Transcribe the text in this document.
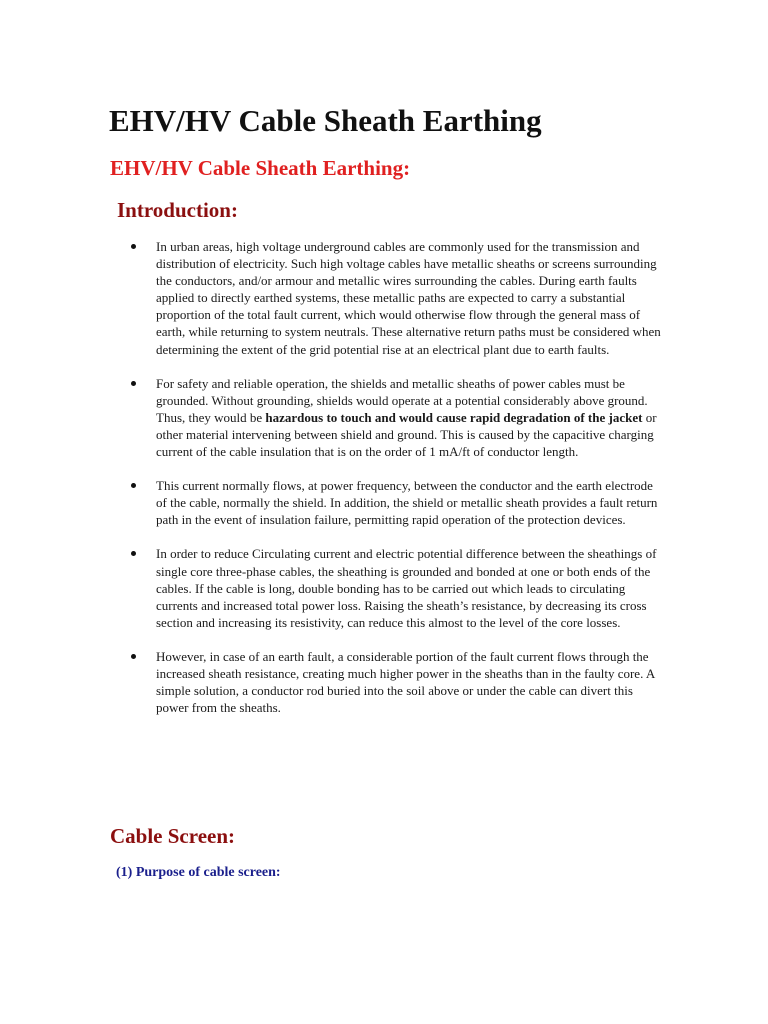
EHV/HV Cable Sheath Earthing
EHV/HV Cable Sheath Earthing:
Introduction:
In urban areas, high voltage underground cables are commonly used for the transmission and distribution of electricity. Such high voltage cables have metallic sheaths or screens surrounding the conductors, and/or armour and metallic wires surrounding the cables. During earth faults applied to directly earthed systems, these metallic paths are expected to carry a substantial proportion of the total fault current, which would otherwise flow through the general mass of earth, while returning to system neutrals. These alternative return paths must be considered when determining the extent of the grid potential rise at an electrical plant due to earth faults.
For safety and reliable operation, the shields and metallic sheaths of power cables must be grounded. Without grounding, shields would operate at a potential considerably above ground. Thus, they would be hazardous to touch and would cause rapid degradation of the jacket or other material intervening between shield and ground. This is caused by the capacitive charging current of the cable insulation that is on the order of 1 mA/ft of conductor length.
This current normally flows, at power frequency, between the conductor and the earth electrode of the cable, normally the shield. In addition, the shield or metallic sheath provides a fault return path in the event of insulation failure, permitting rapid operation of the protection devices.
In order to reduce Circulating current and electric potential difference between the sheathings of single core three-phase cables, the sheathing is grounded and bonded at one or both ends of the cables. If the cable is long, double bonding has to be carried out which leads to circulating currents and increased total power loss. Raising the sheath’s resistance, by decreasing its cross section and increasing its resistivity, can reduce this almost to the level of the core losses.
However, in case of an earth fault, a considerable portion of the fault current flows through the increased sheath resistance, creating much higher power in the sheaths than in the faulty core. A simple solution, a conductor rod buried into the soil above or under the cable can divert this power from the sheaths.
Cable Screen:
(1) Purpose of cable screen:
